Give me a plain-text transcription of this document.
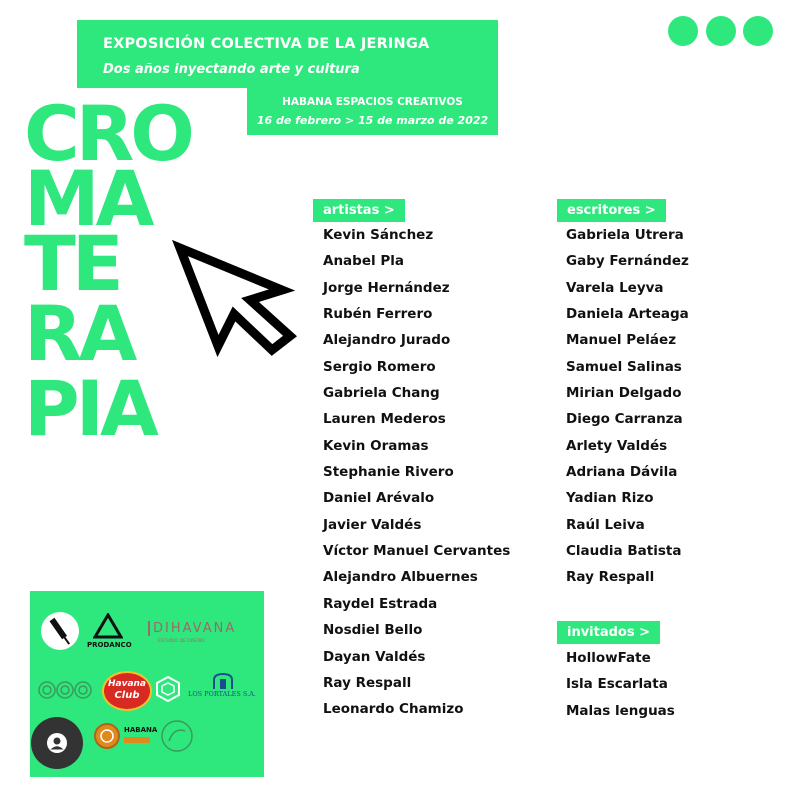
EXPOSICIÓN COLECTIVA DE LA JERINGA
Dos años inyectando arte y cultura
HABANA ESPACIOS CREATIVOS
16 de febrero > 15 de marzo de 2022
CRO
MA
TE
RA
PIA
artistas >
Kevin Sánchez
Anabel Pla
Jorge Hernández
Rubén Ferrero
Alejandro Jurado
Sergio Romero
Gabriela Chang
Lauren Mederos
Kevin Oramas
Stephanie Rivero
Daniel Arévalo
Javier Valdés
Víctor Manuel Cervantes
Alejandro Albuernes
Raydel Estrada
Nosdiel Bello
Dayan Valdés
Ray Respall
Leonardo Chamizo
escritores >
Gabriela Utrera
Gaby Fernández
Varela Leyva
Daniela Arteaga
Manuel Peláez
Samuel Salinas
Mirian Delgado
Diego Carranza
Arlety Valdés
Adriana Dávila
Yadian Rizo
Raúl Leiva
Claudia Batista
Ray Respall
invitados >
HollowFate
Isla Escarlata
Malas lenguas
PRODANCO
DIHAVANA
ESTUDIO DE DISEÑO
Havana
Club	LOS PORTALES S.A.
HABANA
